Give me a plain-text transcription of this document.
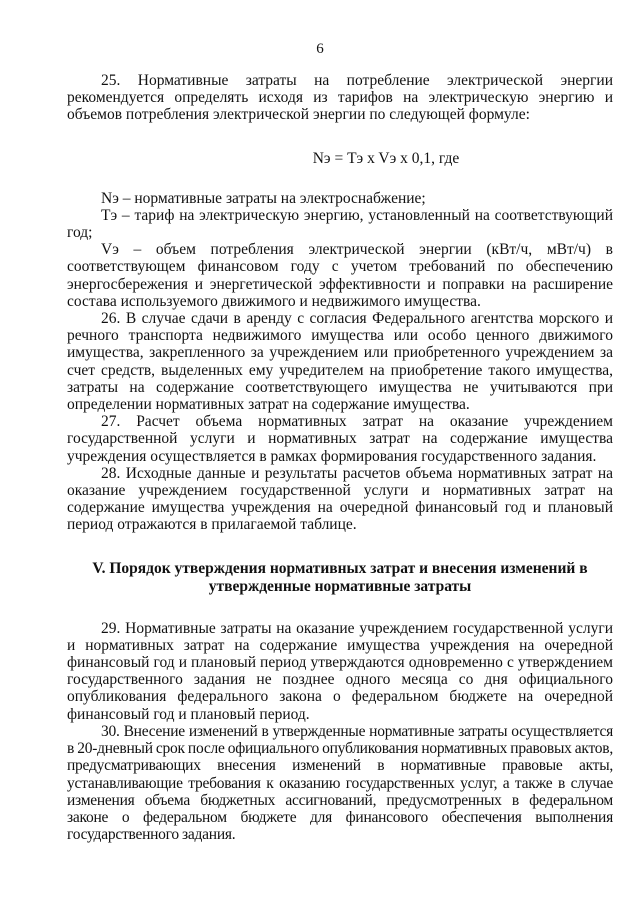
6

25. Нормативные затраты на потребление электрической энергии рекомендуется определять исходя из тарифов на электрическую энергию и объемов потребления электрической энергии по следующей формуле:

Nэ = Tэ x Vэ x 0,1, где

Nэ – нормативные затраты на электроснабжение;

Tэ – тариф на электрическую энергию, установленный на соответствующий год;

Vэ – объем потребления электрической энергии (кВт/ч, мВт/ч) в соответствующем финансовом году с учетом требований по обеспечению энергосбережения и энергетической эффективности и поправки на расширение состава используемого движимого и недвижимого имущества.

26. В случае сдачи в аренду с согласия Федерального агентства морского и речного транспорта недвижимого имущества или особо ценного движимого имущества, закрепленного за учреждением или приобретенного учреждением за счет средств, выделенных ему учредителем на приобретение такого имущества, затраты на содержание соответствующего имущества не учитываются при определении нормативных затрат на содержание имущества.

27. Расчет объема нормативных затрат на оказание учреждением государственной услуги и нормативных затрат на содержание имущества учреждения осуществляется в рамках формирования государственного задания.

28. Исходные данные и результаты расчетов объема нормативных затрат на оказание учреждением государственной услуги и нормативных затрат на содержание имущества учреждения на очередной финансовый год и плановый период отражаются в прилагаемой таблице.

V. Порядок утверждения нормативных затрат и внесения изменений в
утвержденные нормативные затраты

29. Нормативные затраты на оказание учреждением государственной услуги и нормативных затрат на содержание имущества учреждения на очередной финансовый год и плановый период утверждаются одновременно с утверждением государственного задания не позднее одного месяца со дня официального опубликования федерального закона о федеральном бюджете на очередной финансовый год и плановый период.

30. Внесение изменений в утвержденные нормативные затраты осуществляется в 20-дневный срок после официального опубликования нормативных правовых актов, предусматривающих внесения изменений в нормативные правовые акты, устанавливающие требования к оказанию государственных услуг, а также в случае изменения объема бюджетных ассигнований, предусмотренных в федеральном законе о федеральном бюджете для финансового обеспечения выполнения государственного задания.
